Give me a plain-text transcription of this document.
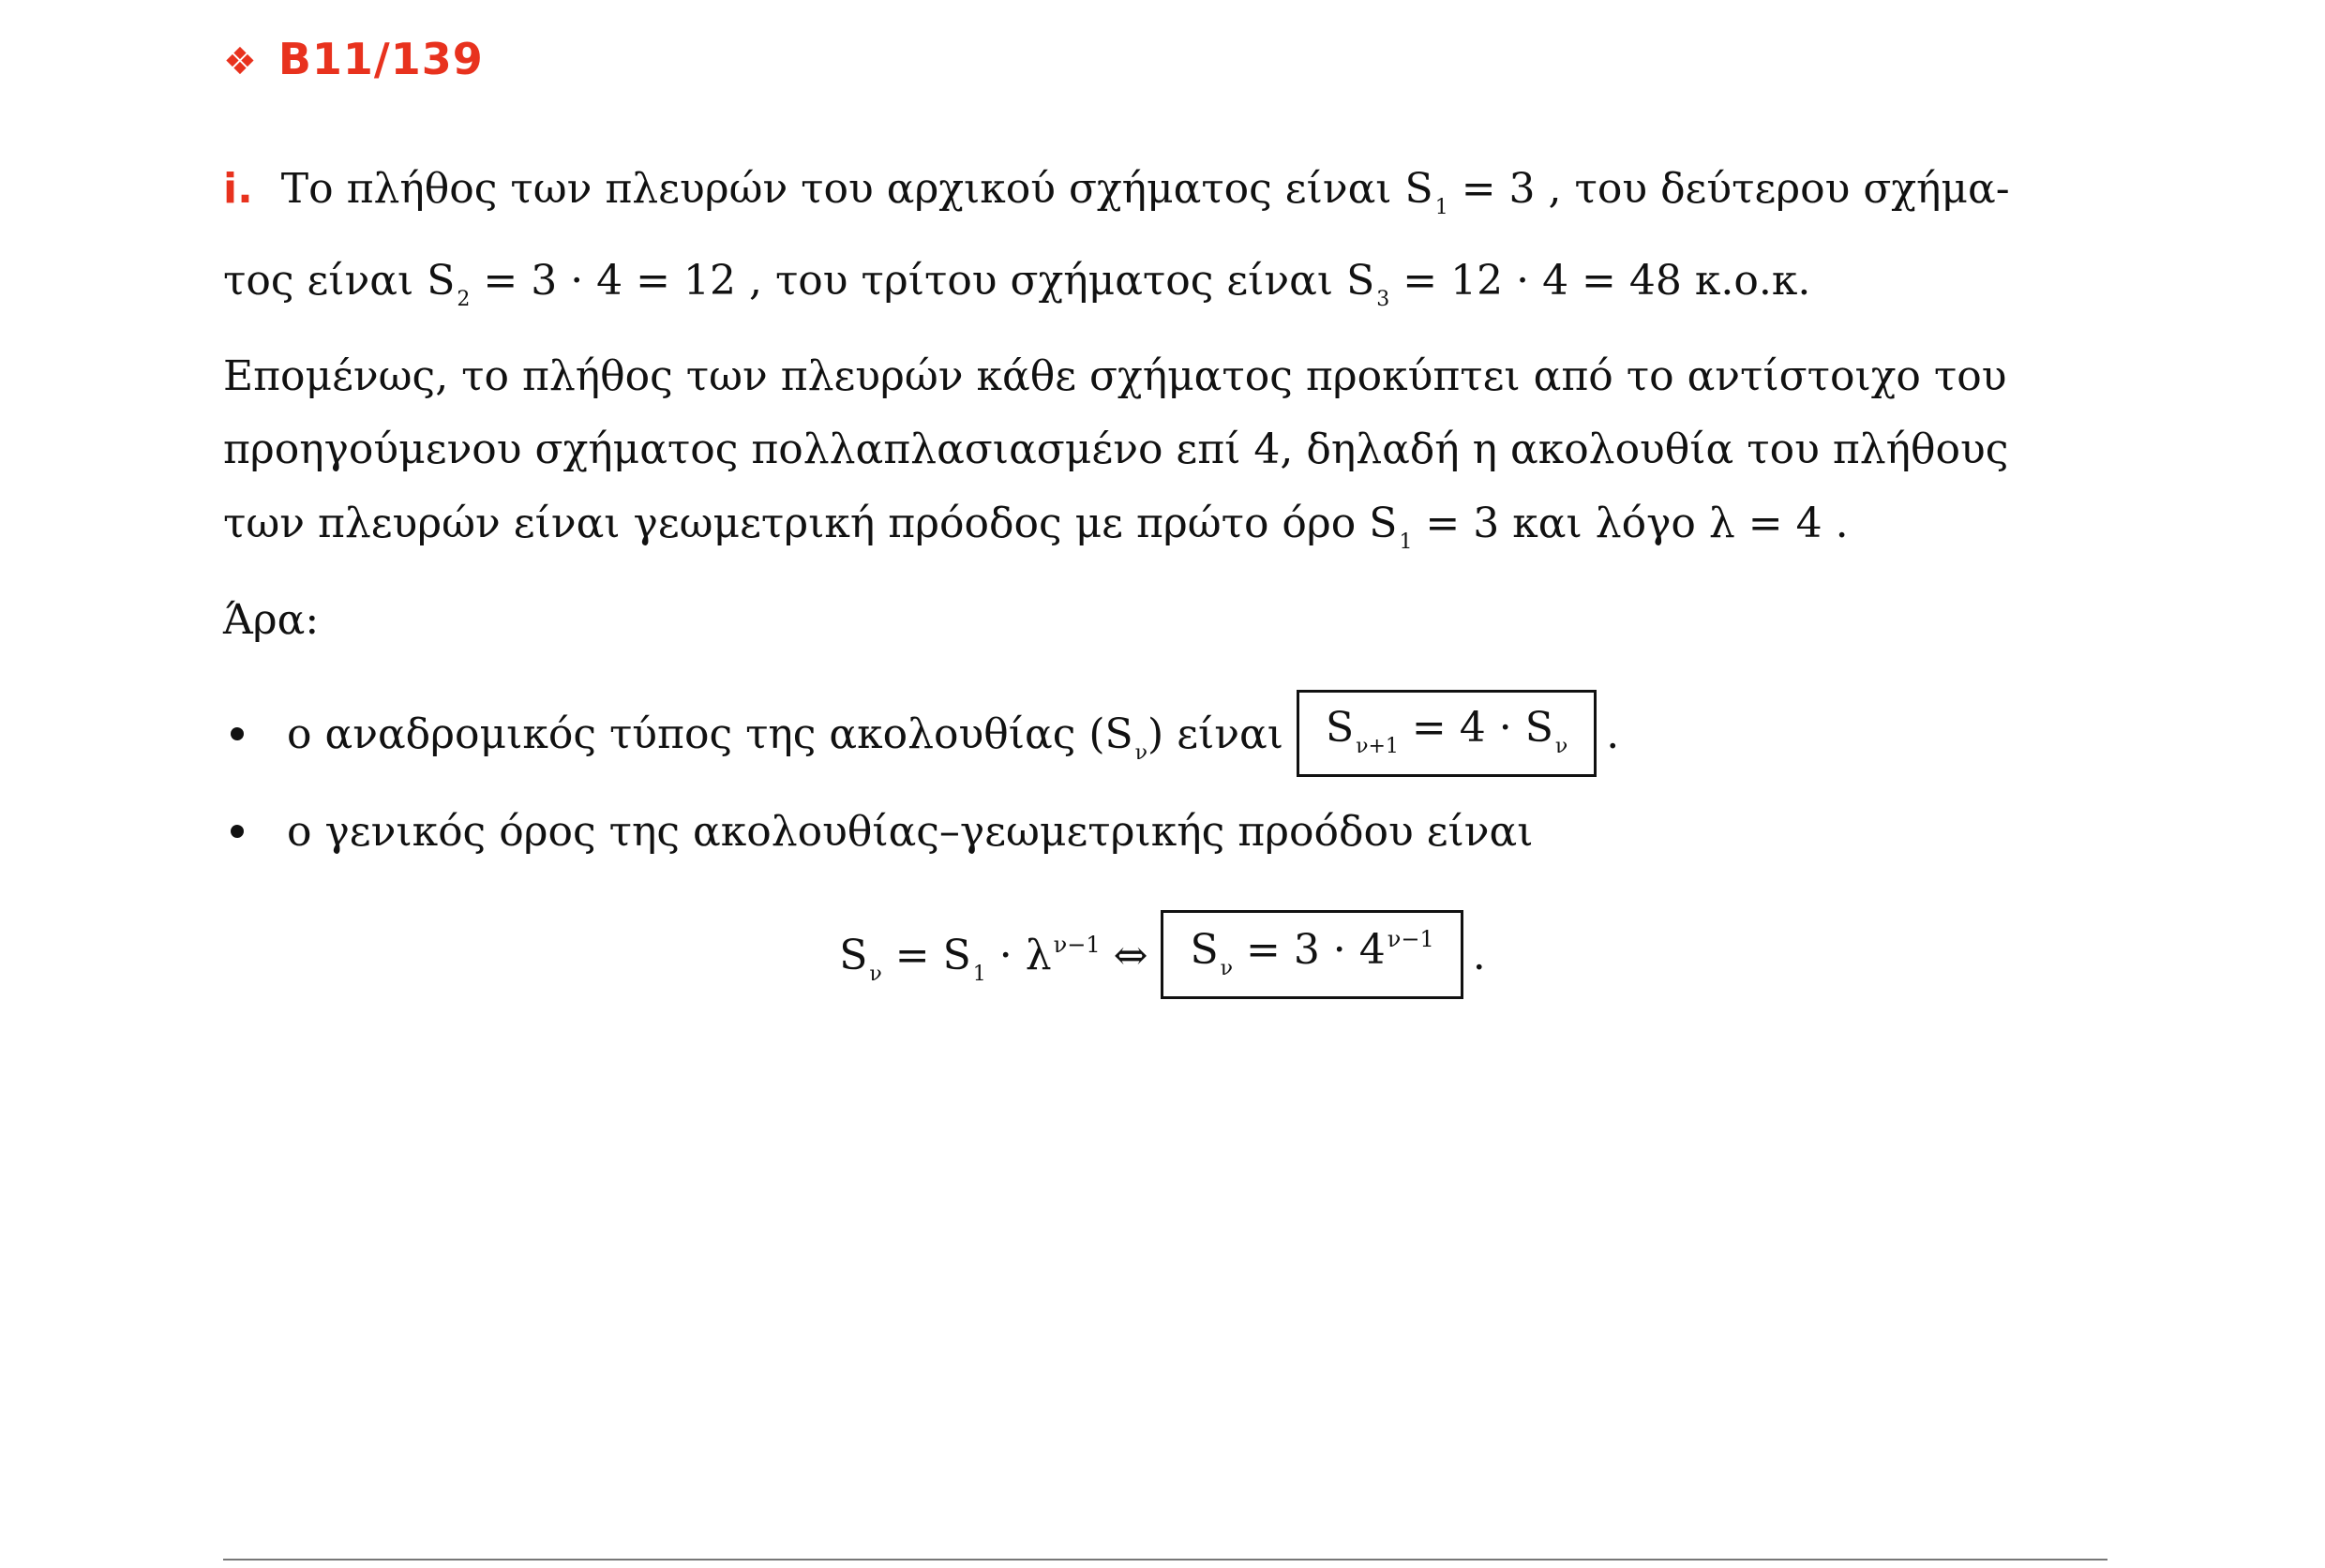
❖ B11/139
i. Το πλήθος των πλευρών του αρχικού σχήματος είναι $S_1 = 3$ , του δεύτερου σχήμα-
τος είναι $S_2 = 3 \cdot 4 = 12$ , του τρίτου σχήματος είναι $S_3 = 12 \cdot 4 = 48$ κ.ο.κ.
Επομένως, το πλήθος των πλευρών κάθε σχήματος προκύπτει από το αντίστοιχο του
προηγούμενου σχήματος πολλαπλασιασμένο επί 4, δηλαδή η ακολουθία του πλήθους
των πλευρών είναι γεωμετρική πρόοδος με πρώτο όρο $S_1 = 3$ και λόγο λ = 4 .
Άρα:
ο αναδρομικός τύπος της ακολουθίας $(S_\nu)$ είναι $S_{\nu+1} = 4 \cdot S_\nu$ .
ο γενικός όρος της ακολουθίας–γεωμετρικής προόδου είναι
$S_\nu = S_1 \cdot \lambda^{\nu-1}$ ⇔ $S_\nu = 3 \cdot 4^{\nu-1}$ .
